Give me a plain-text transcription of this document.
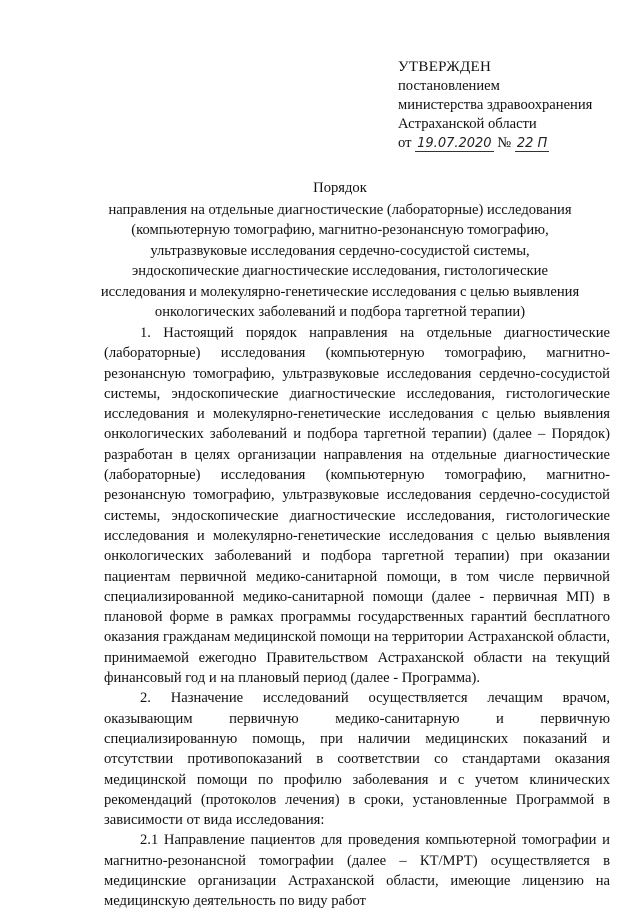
УТВЕРЖДЕН
постановлением
министерства здравоохранения
Астраханской области
от 19.07.2020 № 22 П
Порядок
направления на отдельные диагностические (лабораторные) исследования (компьютерную томографию, магнитно-резонансную томографию, ультразвуковые исследования сердечно-сосудистой системы, эндоскопические диагностические исследования, гистологические исследования и молекулярно-генетические исследования с целью выявления онкологических заболеваний и подбора таргетной терапии)

1. Настоящий порядок направления на отдельные диагностические (лабораторные) исследования (компьютерную томографию, магнитно-резонансную томографию, ультразвуковые исследования сердечно-сосудистой системы, эндоскопические диагностические исследования, гистологические исследования и молекулярно-генетические исследования с целью выявления онкологических заболеваний и подбора таргетной терапии) (далее – Порядок) разработан в целях организации направления на отдельные диагностические (лабораторные) исследования (компьютерную томографию, магнитно-резонансную томографию, ультразвуковые исследования сердечно-сосудистой системы, эндоскопические диагностические исследования, гистологические исследования и молекулярно-генетические исследования с целью выявления онкологических заболеваний и подбора таргетной терапии) при оказании пациентам первичной медико-санитарной помощи, в том числе первичной специализированной медико-санитарной помощи (далее - первичная МП) в плановой форме в рамках программы государственных гарантий бесплатного оказания гражданам медицинской помощи на территории Астраханской области, принимаемой ежегодно Правительством Астраханской области на текущий финансовый год и на плановый период (далее - Программа).

2. Назначение исследований осуществляется лечащим врачом, оказывающим первичную медико-санитарную и первичную специализированную помощь, при наличии медицинских показаний и отсутствии противопоказаний в соответствии со стандартами оказания медицинской помощи по профилю заболевания и с учетом клинических рекомендаций (протоколов лечения) в сроки, установленные Программой в зависимости от вида исследования:

2.1 Направление пациентов для проведения компьютерной томографии и магнитно-резонансной томографии (далее – КТ/МРТ) осуществляется в медицинские организации Астраханской области, имеющие лицензию на медицинскую деятельность по виду работ
